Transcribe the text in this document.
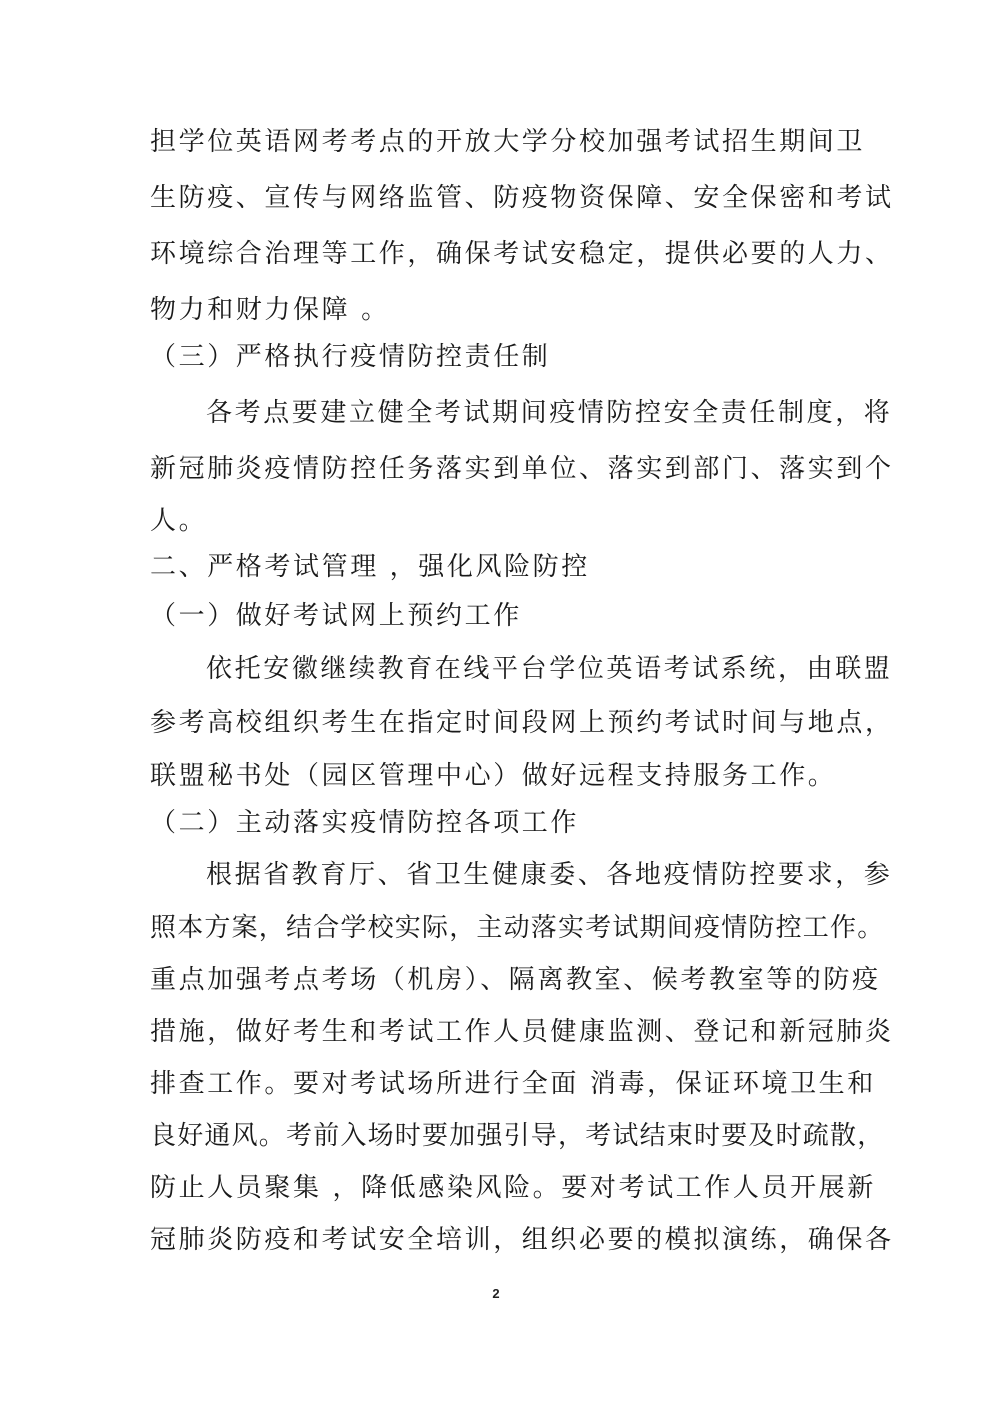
担学位英语网考考点的开放大学分校加强考试招生期间卫
生防疫、宣传与网络监管、防疫物资保障、安全保密和考试
环境综合治理等工作，确保考试安稳定，提供必要的人力、
物力和财力保障 。
（三）严格执行疫情防控责任制
各考点要建立健全考试期间疫情防控安全责任制度，将
新冠肺炎疫情防控任务落实到单位、落实到部门、落实到个
人。
二、严格考试管理 ，强化风险防控
（一）做好考试网上预约工作
依托安徽继续教育在线平台学位英语考试系统，由联盟
参考高校组织考生在指定时间段网上预约考试时间与地点，
联盟秘书处（园区管理中心）做好远程支持服务工作。
（二）主动落实疫情防控各项工作
根据省教育厅、省卫生健康委、各地疫情防控要求，参
照本方案，结合学校实际，主动落实考试期间疫情防控工作。
重点加强考点考场（机房）、隔离教室、候考教室等的防疫
措施，做好考生和考试工作人员健康监测、登记和新冠肺炎
排查工作。要对考试场所进行全面 消毒，保证环境卫生和
良好通风。考前入场时要加强引导，考试结束时要及时疏散，
防止人员聚集 ，降低感染风险。要对考试工作人员开展新
冠肺炎防疫和考试安全培训，组织必要的模拟演练，确保各
2
